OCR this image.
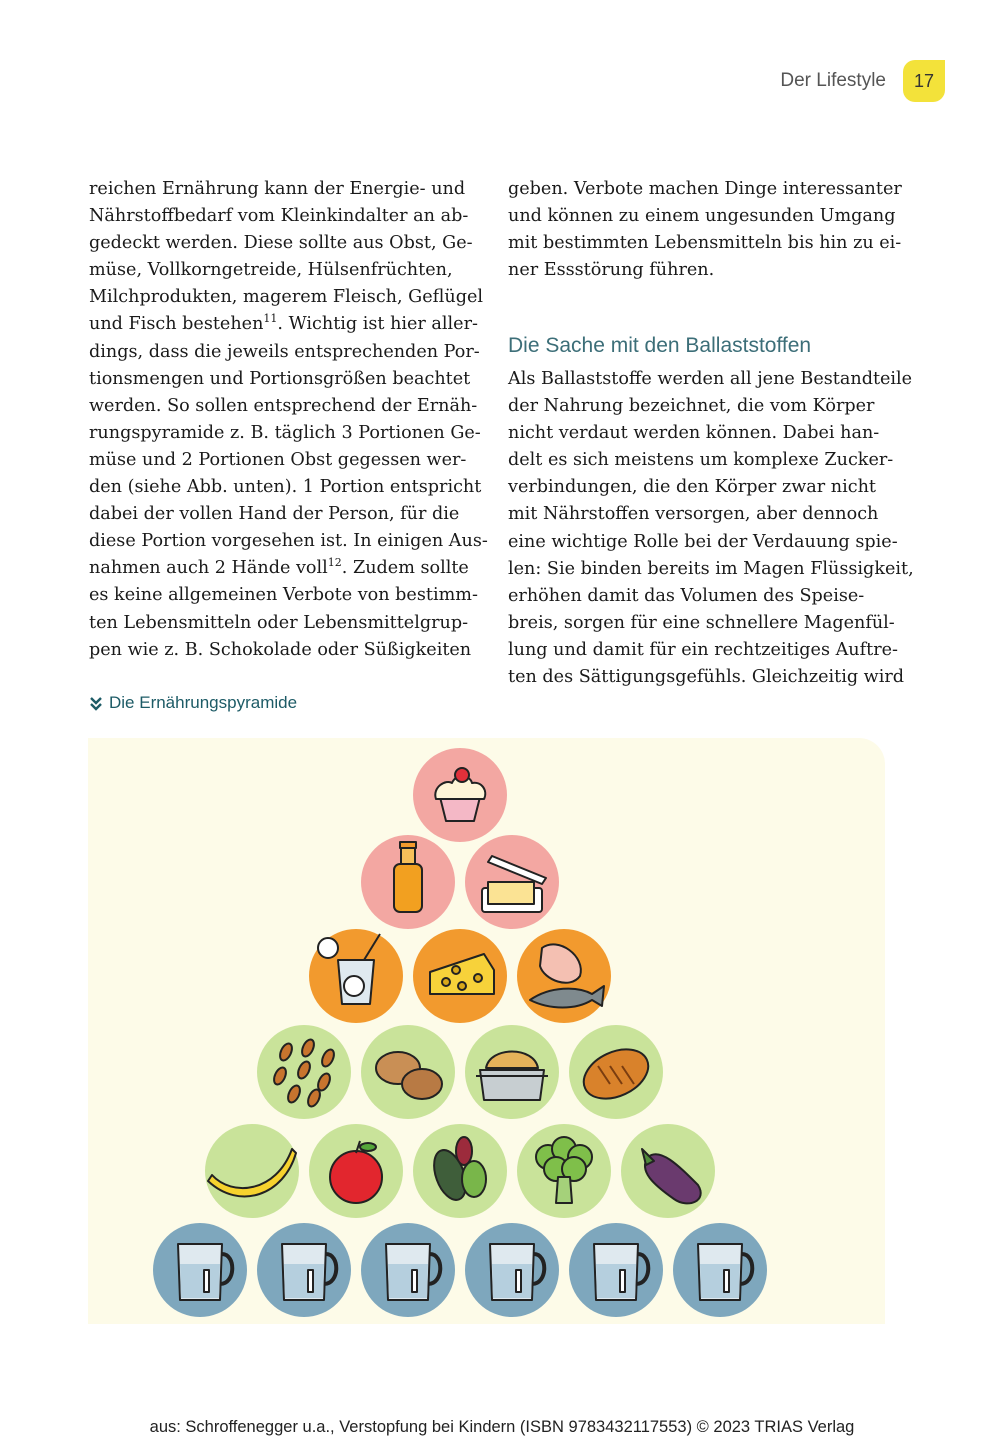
Der Lifestyle	17
reichen Ernährung kann der Energie- und
Nährstoffbedarf vom Kleinkindalter an ab-
gedeckt werden. Diese sollte aus Obst, Ge-
müse, Vollkorngetreide, Hülsenfrüchten,
Milchprodukten, magerem Fleisch, Geflügel
und Fisch bestehen$^{11}$. Wichtig ist hier aller-
dings, dass die jeweils entsprechenden Por-
tionsmengen und Portionsgrößen beachtet
werden. So sollen entsprechend der Ernäh-
rungspyramide z. B. täglich 3 Portionen Ge-
müse und 2 Portionen Obst gegessen wer-
den (siehe Abb. unten). 1 Portion entspricht
dabei der vollen Hand der Person, für die
diese Portion vorgesehen ist. In einigen Aus-
nahmen auch 2 Hände voll$^{12}$. Zudem sollte
es keine allgemeinen Verbote von bestimm-
ten Lebensmitteln oder Lebensmittelgrup-
pen wie z. B. Schokolade oder Süßigkeiten
geben. Verbote machen Dinge interessanter
und können zu einem ungesunden Umgang
mit bestimmten Lebensmitteln bis hin zu ei-
ner Essstörung führen.
Die Sache mit den Ballaststoffen
Als Ballaststoffe werden all jene Bestandteile
der Nahrung bezeichnet, die vom Körper
nicht verdaut werden können. Dabei han-
delt es sich meistens um komplexe Zucker-
verbindungen, die den Körper zwar nicht
mit Nährstoffen versorgen, aber dennoch
eine wichtige Rolle bei der Verdauung spie-
len: Sie binden bereits im Magen Flüssigkeit,
erhöhen damit das Volumen des Speise-
breis, sorgen für eine schnellere Magenfül-
lung und damit für ein rechtzeitiges Auftre-
ten des Sättigungsgefühls. Gleichzeitig wird
Die Ernährungspyramide
aus: Schroffenegger u.a., Verstopfung bei Kindern (ISBN 9783432117553) © 2023 TRIAS Verlag
